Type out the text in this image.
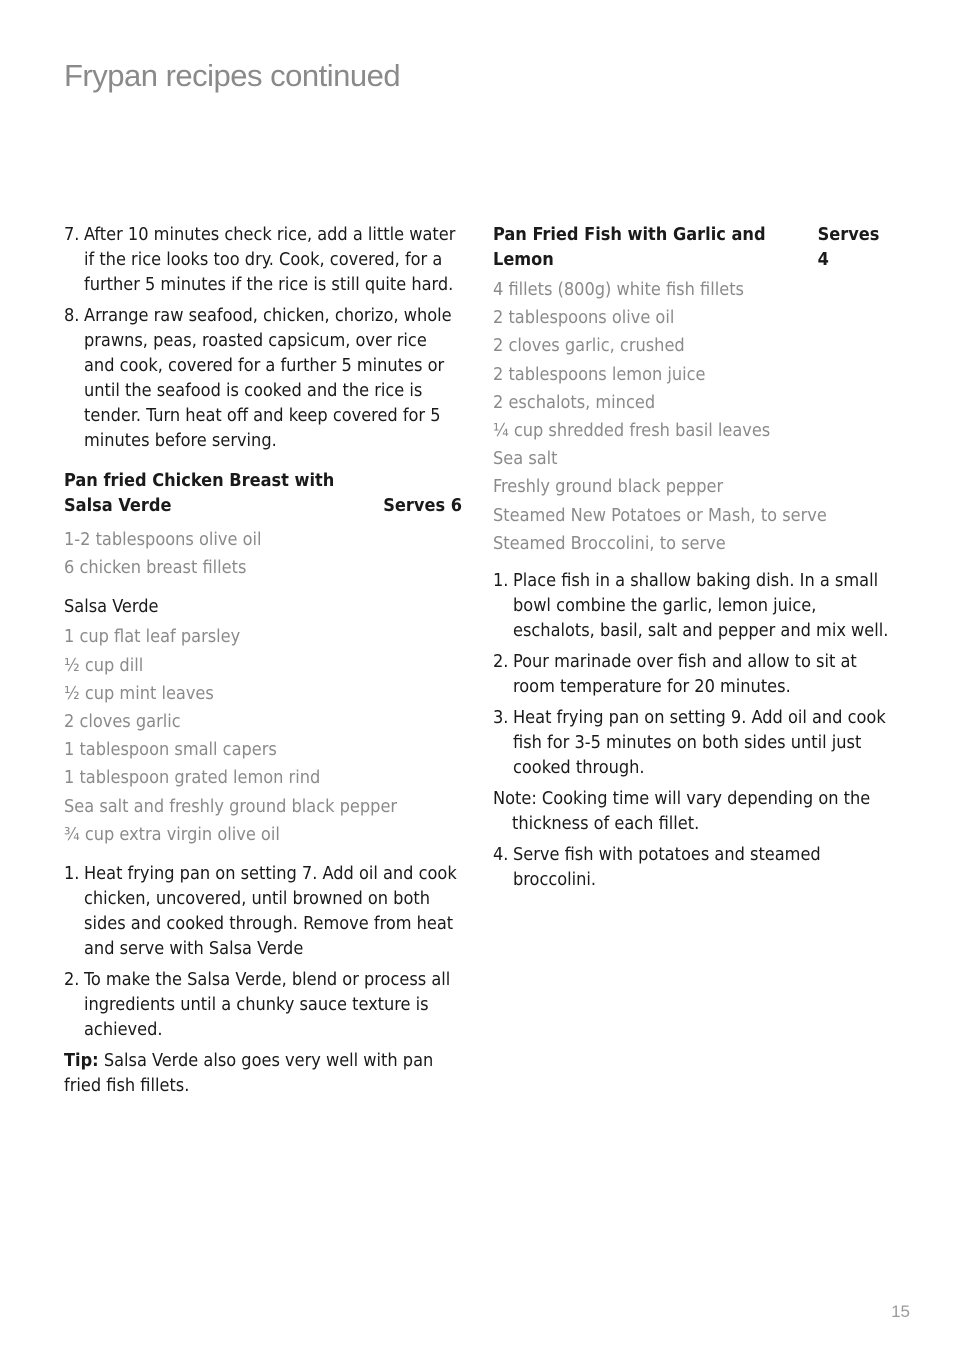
Frypan recipes continued
7. After 10 minutes check rice, add a little water if the rice looks too dry. Cook, covered, for a further 5 minutes if the rice is still quite hard.
8. Arrange raw seafood, chicken, chorizo, whole prawns, peas, roasted capsicum, over rice and cook, covered for a further 5 minutes or until the seafood is cooked and the rice is tender. Turn heat off and keep covered for 5 minutes before serving.
Pan fried Chicken Breast with
Salsa Verde	Serves 6
1-2 tablespoons olive oil
6 chicken breast fillets
Salsa Verde
1 cup flat leaf parsley
½ cup dill
½ cup mint leaves
2 cloves garlic
1 tablespoon small capers
1 tablespoon grated lemon rind
Sea salt and freshly ground black pepper
¾ cup extra virgin olive oil
1. Heat frying pan on setting 7. Add oil and cook chicken, uncovered, until browned on both sides and cooked through. Remove from heat and serve with Salsa Verde
2. To make the Salsa Verde, blend or process all ingredients until a chunky sauce texture is achieved.

Tip: Salsa Verde also goes very well with pan fried fish fillets.

Pan Fried Fish with Garlic and Lemon
Serves 4
4 fillets (800g) white fish fillets
2 tablespoons olive oil
2 cloves garlic, crushed
2 tablespoons lemon juice
2 eschalots, minced
¼ cup shredded fresh basil leaves
Sea salt
Freshly ground black pepper
Steamed New Potatoes or Mash, to serve
Steamed Broccolini, to serve
1. Place fish in a shallow baking dish. In a small bowl combine the garlic, lemon juice, eschalots, basil, salt and pepper and mix well.
2. Pour marinade over fish and allow to sit at room temperature for 20 minutes.
3. Heat frying pan on setting 9. Add oil and cook fish for 3-5 minutes on both sides until just cooked through.

Note: Cooking time will vary depending on the thickness of each fillet.

4. Serve fish with potatoes and steamed broccolini.
15
